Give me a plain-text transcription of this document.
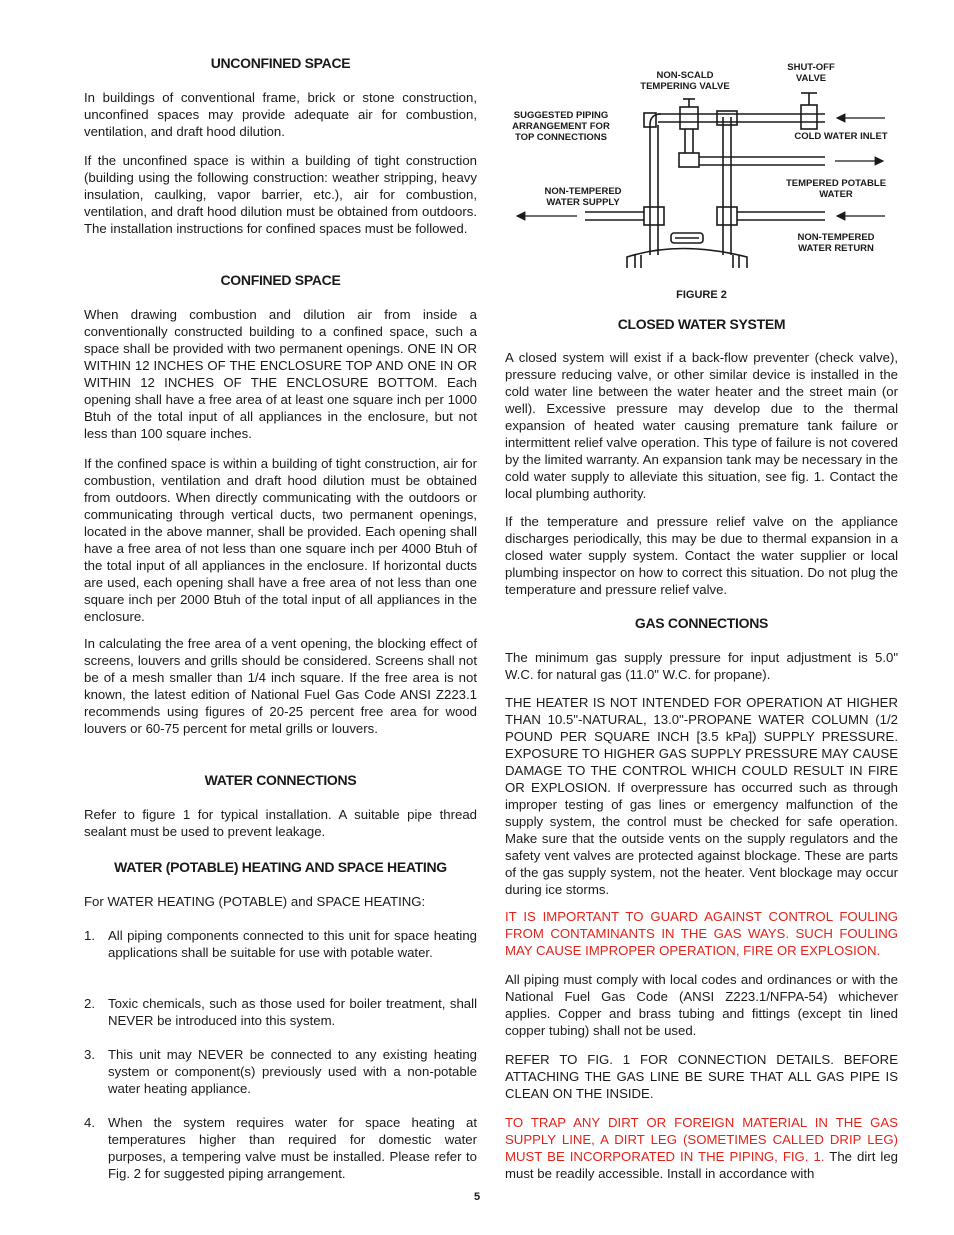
UNCONFINED SPACE

In buildings of conventional frame, brick or stone construction, unconfined spaces may provide adequate air for combustion, ventilation, and draft hood dilution.

If the unconfined space is within a building of tight construction (building using the following construction: weather stripping, heavy insulation, caulking, vapor barrier, etc.), air for combustion, ventilation, and draft hood dilution must be obtained from outdoors. The installation instructions for confined spaces must be followed.

CONFINED SPACE

When drawing combustion and dilution air from inside a conventionally constructed building to a confined space, such a space shall be provided with two permanent openings. ONE IN OR WITHIN 12 INCHES OF THE ENCLOSURE TOP AND ONE IN OR WITHIN 12 INCHES OF THE ENCLOSURE BOTTOM. Each opening shall have a free area of at least one square inch per 1000 Btuh of the total input of all appliances in the enclosure, but not less than 100 square inches.

If the confined space is within a building of tight construction, air for combustion, ventilation and draft hood dilution must be obtained from outdoors. When directly communicating with the outdoors or communicating through vertical ducts, two permanent openings, located in the above manner, shall be provided. Each opening shall have a free area of not less than one square inch per 4000 Btuh of the total input of all appliances in the enclosure. If horizontal ducts are used, each opening shall have a free area of not less than one square inch per 2000 Btuh of the total input of all appliances in the enclosure.

In calculating the free area of a vent opening, the blocking effect of screens, louvers and grills should be considered. Screens shall not be of a mesh smaller than 1/4 inch square. If the free area is not known, the latest edition of National Fuel Gas Code ANSI Z223.1 recommends using figures of 20-25 percent free area for wood louvers or 60-75 percent for metal grills or louvers.

WATER CONNECTIONS

Refer to figure 1 for typical installation. A suitable pipe thread sealant must be used to prevent leakage.

WATER (POTABLE) HEATING AND SPACE HEATING

For WATER HEATING (POTABLE) and SPACE HEATING:

1. All piping components connected to this unit for space heating applications shall be suitable for use with potable water.
2. Toxic chemicals, such as those used for boiler treatment, shall NEVER be introduced into this system.
3. This unit may NEVER be connected to any existing heating system or component(s) previously used with a non-potable water heating appliance.
4. When the system requires water for space heating at temperatures higher than required for domestic water purposes, a tempering valve must be installed. Please refer to Fig. 2 for suggested piping arrangement.
NON-SCALD
TEMPERING VALVE
SHUT-OFF
VALVE
SUGGESTED PIPING
ARRANGEMENT FOR
TOP CONNECTIONS	COLD WATER INLET
TEMPERED POTABLE
WATER
NON-TEMPERED
WATER SUPPLY
NON-TEMPERED
WATER RETURN
FIGURE 2
CLOSED WATER SYSTEM

A closed system will exist if a back-flow preventer (check valve), pressure reducing valve, or other similar device is installed in the cold water line between the water heater and the street main (or well). Excessive pressure may develop due to the thermal expansion of heated water causing premature tank failure or intermittent relief valve operation. This type of failure is not covered by the limited warranty. An expansion tank may be necessary in the cold water supply to alleviate this situation, see fig. 1. Contact the local plumbing authority.

If the temperature and pressure relief valve on the appliance discharges periodically, this may be due to thermal expansion in a closed water supply system. Contact the water supplier or local plumbing inspector on how to correct this situation. Do not plug the temperature and pressure relief valve.

GAS CONNECTIONS

The minimum gas supply pressure for input adjustment is 5.0" W.C. for natural gas (11.0" W.C. for propane).

THE HEATER IS NOT INTENDED FOR OPERATION AT HIGHER THAN 10.5"-NATURAL, 13.0"-PROPANE WATER COLUMN (1/2 POUND PER SQUARE INCH [3.5 kPa]) SUPPLY PRESSURE. EXPOSURE TO HIGHER GAS SUPPLY PRESSURE MAY CAUSE DAMAGE TO THE CONTROL WHICH COULD RESULT IN FIRE OR EXPLOSION. If overpressure has occurred such as through improper testing of gas lines or emergency malfunction of the supply system, the control must be checked for safe operation. Make sure that the outside vents on the supply regulators and the safety vent valves are protected against blockage. These are parts of the gas supply system, not the heater. Vent blockage may occur during ice storms.

IT IS IMPORTANT TO GUARD AGAINST CONTROL FOULING FROM CONTAMINANTS IN THE GAS WAYS. SUCH FOULING MAY CAUSE IMPROPER OPERATION, FIRE OR EXPLOSION.

All piping must comply with local codes and ordinances or with the National Fuel Gas Code (ANSI Z223.1/NFPA-54) whichever applies. Copper and brass tubing and fittings (except tin lined copper tubing) shall not be used.

REFER TO FIG. 1 FOR CONNECTION DETAILS. BEFORE ATTACHING THE GAS LINE BE SURE THAT ALL GAS PIPE IS CLEAN ON THE INSIDE.

TO TRAP ANY DIRT OR FOREIGN MATERIAL IN THE GAS SUPPLY LINE, A DIRT LEG (SOMETIMES CALLED DRIP LEG) MUST BE INCORPORATED IN THE PIPING, FIG. 1. The dirt leg must be readily accessible. Install in accordance with

5
